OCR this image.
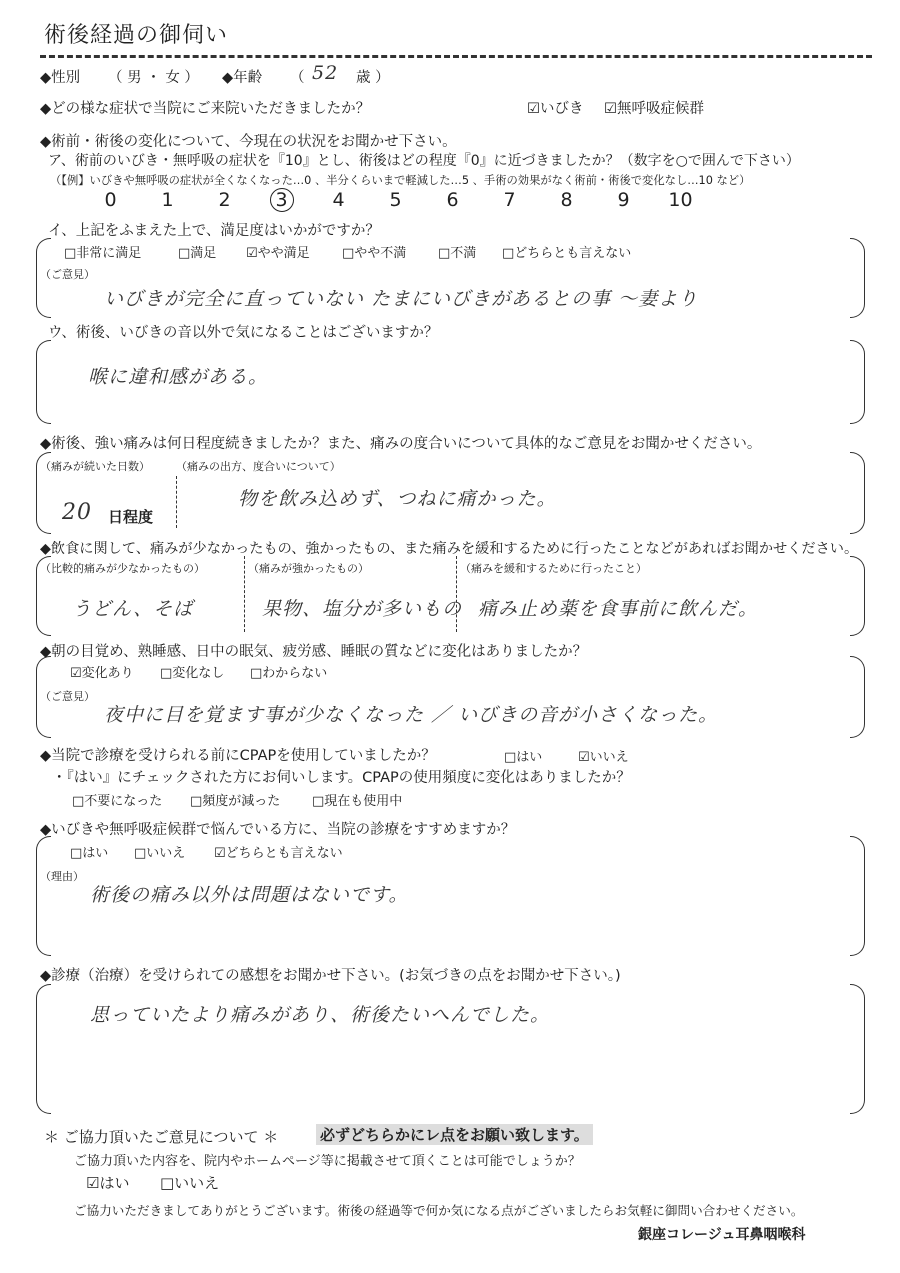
術後経過の御伺い
◆性別 （ 男 ・ 女 ） ◆年齢 （ 52 歳 ）
◆どの様な症状で当院にご来院いただきましたか？	☑いびき ☑無呼吸症候群
◆術前・術後の変化について、今現在の状況をお聞かせ下さい。
ア、術前のいびき・無呼吸の症状を『10』とし、術後はどの程度『0』に近づきましたか？（数字を○で囲んで下さい）
（【例】いびきや無呼吸の症状が全くなくなった…0 、半分くらいまで軽減した…5 、手術の効果がなく術前・術後で変化なし…10 など）
0 1 2 3 4 5 6 7 8 9 10
イ、上記をふまえた上で、満足度はいかがですか？
□非常に満足	□満足 ☑やや満足 □やや不満 □不満 □どちらとも言えない
（ご意見）
いびきが完全に直っていない たまにいびきがあるとの事 〜妻より
ウ、術後、いびきの音以外で気になることはございますか？
喉に違和感がある。
◆術後、強い痛みは何日程度続きましたか？また、痛みの度合いについて具体的なご意見をお聞かせください。
（痛みが続いた日数） （痛みの出方、度合いについて）
20 日程度
物を飲み込めず、つねに痛かった。
◆飲食に関して、痛みが少なかったもの、強かったもの、また痛みを緩和するために行ったことなどがあればお聞かせください。
（比較的痛みが少なかったもの）	（痛みが強かったもの）	（痛みを緩和するために行ったこと）
うどん、そば	果物、塩分が多いもの 痛み止め薬を食事前に飲んだ。
◆朝の目覚め、熟睡感、日中の眠気、疲労感、睡眠の質などに変化はありましたか？
☑変化あり □変化なし □わからない
（ご意見）
夜中に目を覚ます事が少なくなった ／ いびきの音が小さくなった。
◆当院で診療を受けられる前にCPAPを使用していましたか？	□はい	☑いいえ
・『はい』にチェックされた方にお伺いします。CPAPの使用頻度に変化はありましたか？
□不要になった □頻度が減った □現在も使用中
◆いびきや無呼吸症候群で悩んでいる方に、当院の診療をすすめますか？
□はい □いいえ ☑どちらとも言えない
（理由）
術後の痛み以外は問題はないです。
◆診療（治療）を受けられての感想をお聞かせ下さい。(お気づきの点をお聞かせ下さい。)
思っていたより痛みがあり、術後たいへんでした。
＊ ご協力頂いたご意見について ＊	必ずどちらかにレ点をお願い致します。
ご協力頂いた内容を、院内やホームページ等に掲載させて頂くことは可能でしょうか？
☑はい □いいえ
ご協力いただきましてありがとうございます。術後の経過等で何か気になる点がございましたらお気軽に御問い合わせください。
銀座コレージュ耳鼻咽喉科
